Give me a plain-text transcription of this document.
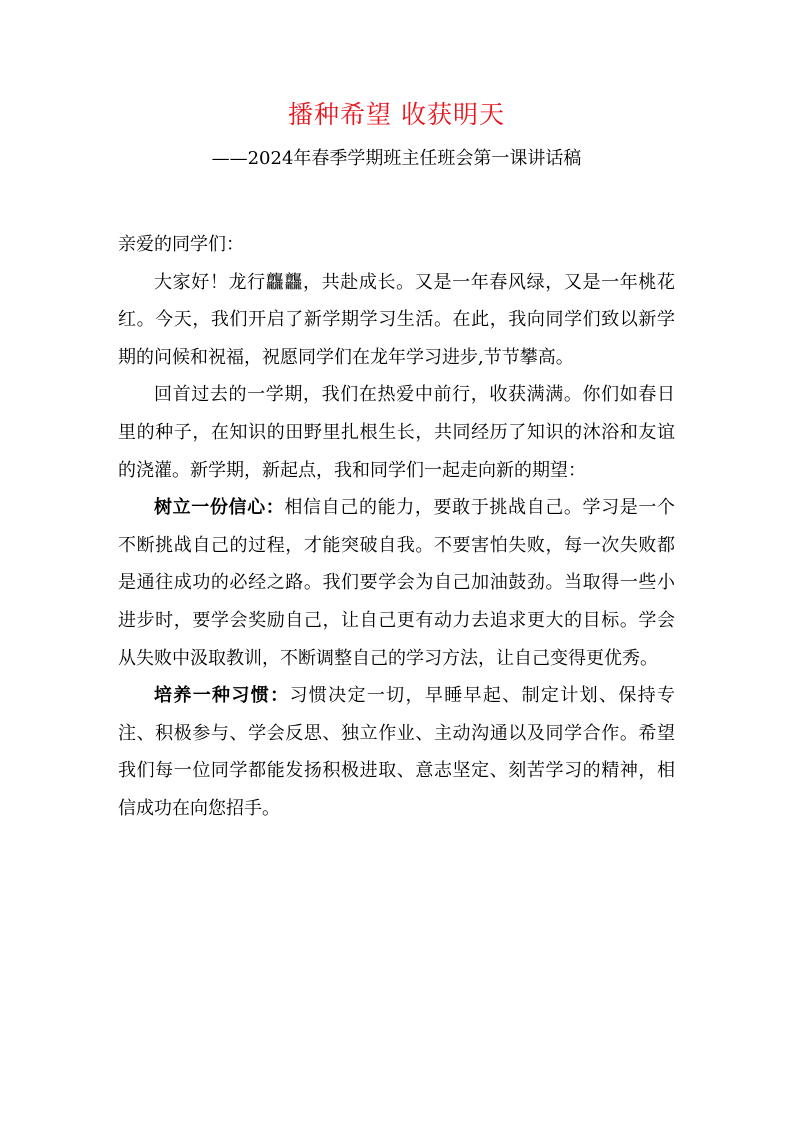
播种希望 收获明天
——2024年春季学期班主任班会第一课讲话稿

亲爱的同学们：

大家好！龙行龘龘，共赴成长。又是一年春风绿，又是一年桃花红。今天，我们开启了新学期学习生活。在此，我向同学们致以新学期的问候和祝福，祝愿同学们在龙年学习进步,节节攀高。

回首过去的一学期，我们在热爱中前行，收获满满。你们如春日里的种子，在知识的田野里扎根生长，共同经历了知识的沐浴和友谊的浇灌。新学期，新起点，我和同学们一起走向新的期望：

树立一份信心：相信自己的能力，要敢于挑战自己。学习是一个不断挑战自己的过程，才能突破自我。不要害怕失败，每一次失败都是通往成功的必经之路。我们要学会为自己加油鼓劲。当取得一些小进步时，要学会奖励自己，让自己更有动力去追求更大的目标。学会从失败中汲取教训，不断调整自己的学习方法，让自己变得更优秀。

培养一种习惯：习惯决定一切，早睡早起、制定计划、保持专注、积极参与、学会反思、独立作业、主动沟通以及同学合作。希望我们每一位同学都能发扬积极进取、意志坚定、刻苦学习的精神，相信成功在向您招手。
